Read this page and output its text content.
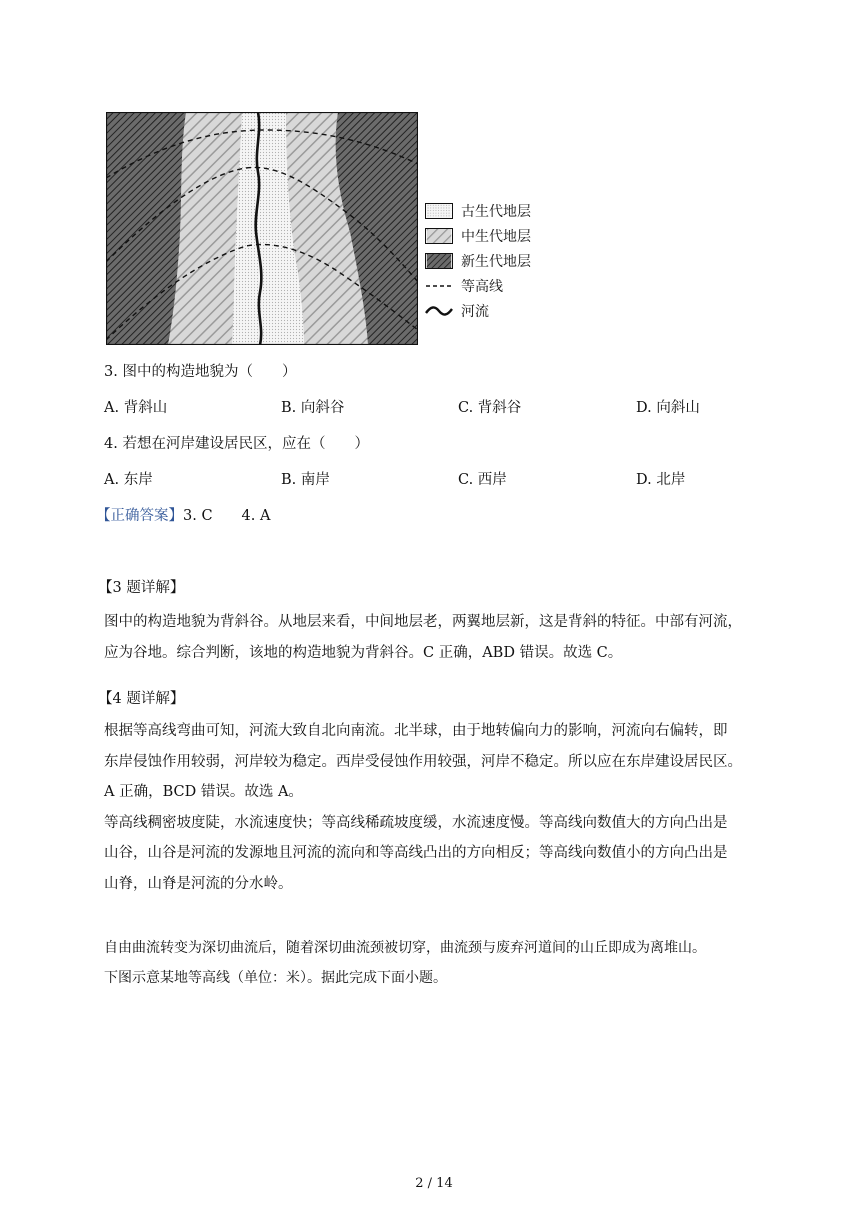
古生代地层
中生代地层
新生代地层
等高线
河流
3. 图中的构造地貌为（　　）
A. 背斜山	B. 向斜谷	C. 背斜谷	D. 向斜山
4. 若想在河岸建设居民区，应在（　　）
A. 东岸	B. 南岸	C. 西岸	D. 北岸
【正确答案】3. C　　4. A
【3 题详解】

图中的构造地貌为背斜谷。从地层来看，中间地层老，两翼地层新，这是背斜的特征。中部有河流，

应为谷地。综合判断，该地的构造地貌为背斜谷。C 正确，ABD 错误。故选 C。

【4 题详解】

根据等高线弯曲可知，河流大致自北向南流。北半球，由于地转偏向力的影响，河流向右偏转，即

东岸侵蚀作用较弱，河岸较为稳定。西岸受侵蚀作用较强，河岸不稳定。所以应在东岸建设居民区。

A 正确，BCD 错误。故选 A。

等高线稠密坡度陡，水流速度快；等高线稀疏坡度缓，水流速度慢。等高线向数值大的方向凸出是

山谷，山谷是河流的发源地且河流的流向和等高线凸出的方向相反；等高线向数值小的方向凸出是

山脊，山脊是河流的分水岭。

自由曲流转变为深切曲流后，随着深切曲流颈被切穿，曲流颈与废弃河道间的山丘即成为离堆山。

下图示意某地等高线（单位：米）。据此完成下面小题。

2 / 14
